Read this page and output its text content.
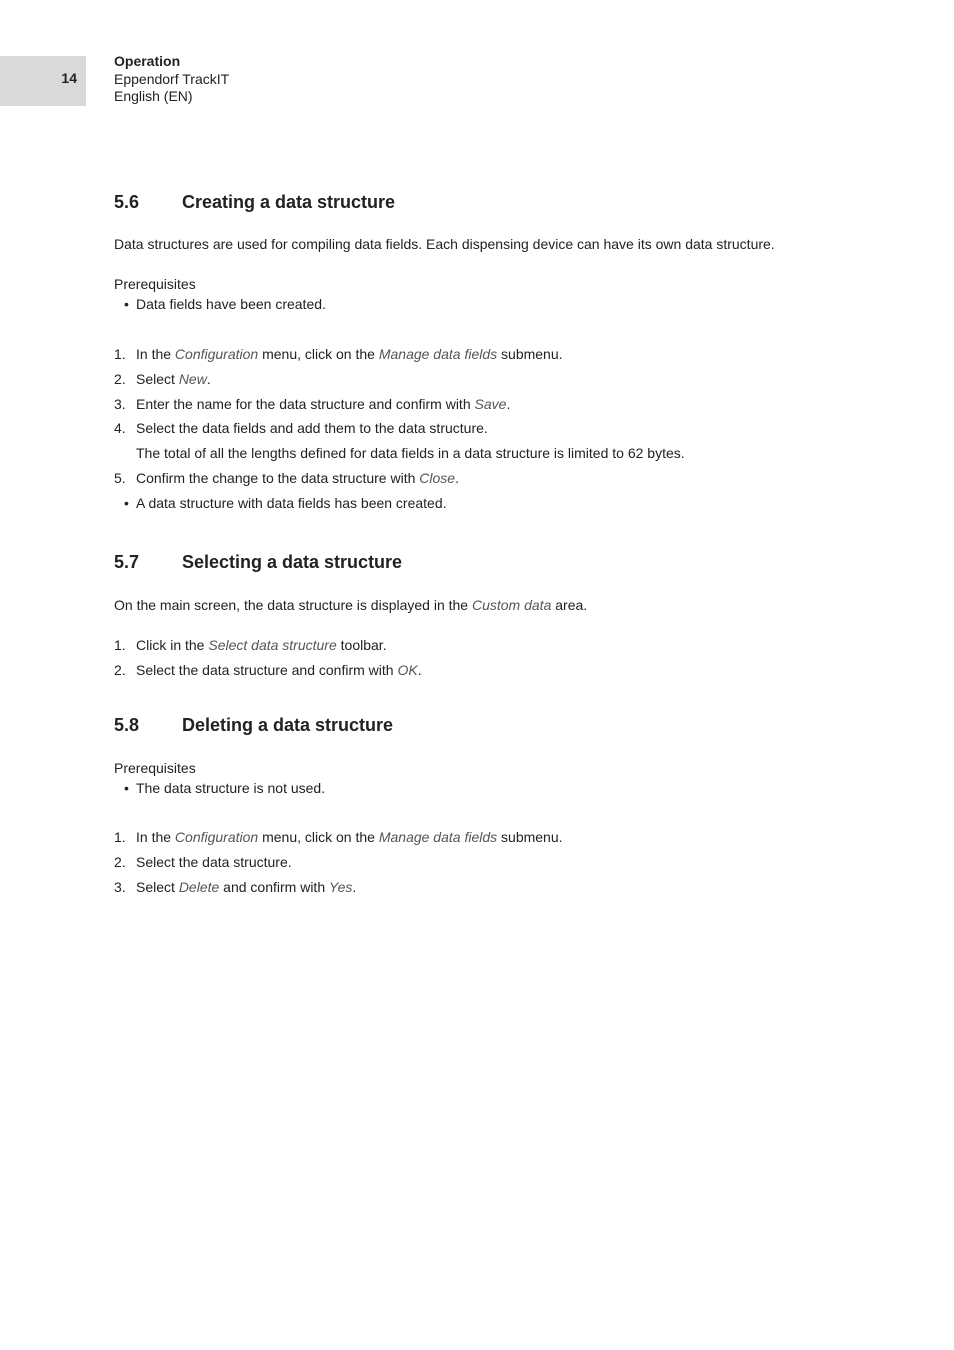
14
Operation
Eppendorf TrackIT
English (EN)
5.6	Creating a data structure

Data structures are used for compiling data fields. Each dispensing device can have its own data structure.

Prerequisites

• Data fields have been created.
1. In the Configuration menu, click on the Manage data fields submenu.
2. Select New.
3. Enter the name for the data structure and confirm with Save.
4. Select the data fields and add them to the data structure.
The total of all the lengths defined for data fields in a data structure is limited to 62 bytes.
5. Confirm the change to the data structure with Close.
• A data structure with data fields has been created.
5.7	Selecting a data structure

On the main screen, the data structure is displayed in the Custom data area.

1. Click in the Select data structure toolbar.
2. Select the data structure and confirm with OK.
5.8	Deleting a data structure

Prerequisites

• The data structure is not used.
1. In the Configuration menu, click on the Manage data fields submenu.
2. Select the data structure.
3. Select Delete and confirm with Yes.
